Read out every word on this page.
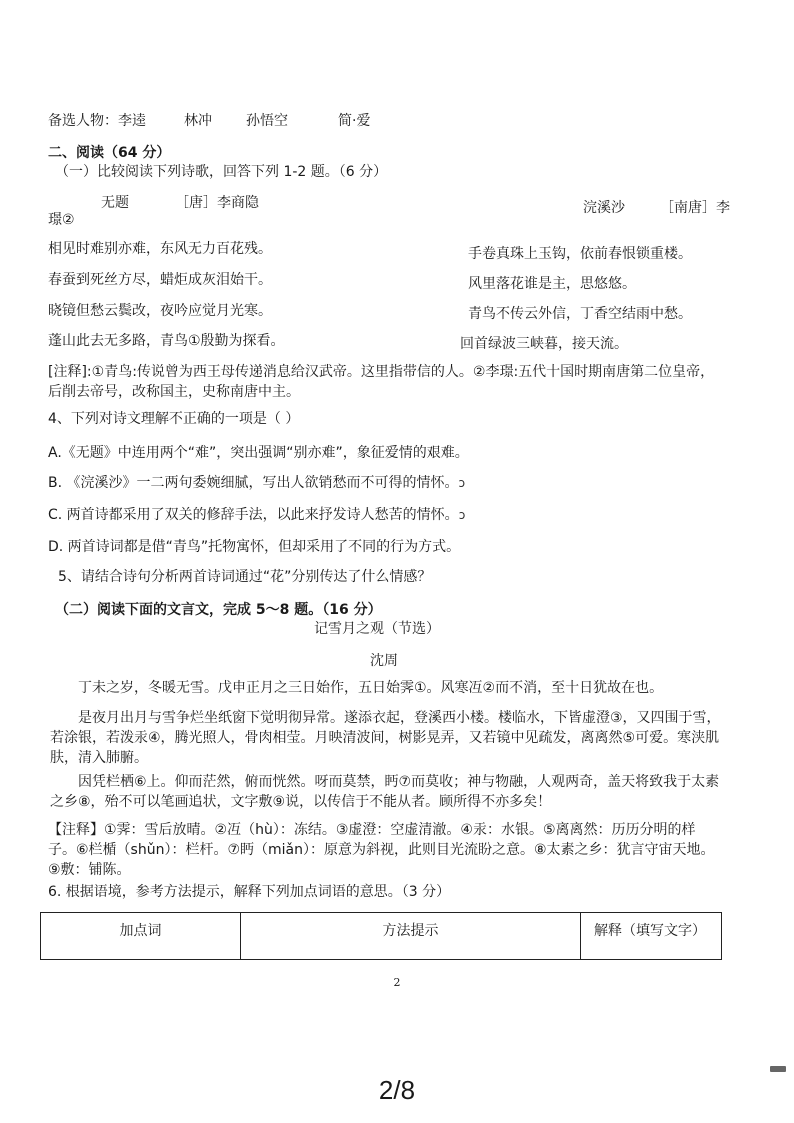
备选人物：李逵	林冲 孙悟空	简·爱
二、阅读（64 分）
（一）比较阅读下列诗歌，回答下列 1-2 题。（6 分）
无题	［唐］李商隐	浣溪沙	［南唐］李
璟②
相见时难别亦难，东风无力百花残。
春蚕到死丝方尽，蜡炬成灰泪始干。
晓镜但愁云鬓改，夜吟应觉月光寒。
蓬山此去无多路，青鸟①殷勤为探看。
手卷真珠上玉钩，依前春恨锁重楼。
风里落花谁是主，思悠悠。
青鸟不传云外信，丁香空结雨中愁。
回首绿波三峡暮，接天流。
[注释]:①青鸟:传说曾为西王母传递消息给汉武帝。这里指带信的人。②李璟:五代十国时期南唐第二位皇帝，后削去帝号，改称国主，史称南唐中主。
4、下列对诗文理解不正确的一项是（ ）
A.《无题》中连用两个“难”，突出强调“别亦难”，象征爱情的艰难。
B. 《浣溪沙》一二两句委婉细腻，写出人欲销愁而不可得的情怀。ↄ
C. 两首诗都采用了双关的修辞手法，以此来抒发诗人愁苦的情怀。ↄ
D. 两首诗词都是借“青鸟”托物寓怀，但却采用了不同的行为方式。
5、请结合诗句分析两首诗词通过“花”分别传达了什么情感？
（二）阅读下面的文言文，完成 5～8 题。（16 分）
记雪月之观（节选）
沈周
丁未之岁，冬暖无雪。戊申正月之三日始作，五日始霁①。风寒冱②而不消，至十日犹故在也。
是夜月出月与雪争烂坐纸窗下觉明彻异常。遂添衣起，登溪西小楼。楼临水，下皆虚澄③，又四围于雪，若涂银，若泼汞④，腾光照人，骨肉相莹。月映清波间，树影晃弄，又若镜中见疏发，离离然⑤可爱。寒浃肌肤，清入肺腑。
因凭栏栖⑥上。仰而茫然，俯而恍然。呀而莫禁，眄⑦而莫收；神与物融，人观两奇，盖天将致我于太素之乡⑧，殆不可以笔画追状，文字敷⑨说，以传信于不能从者。顾所得不亦多矣！
【注释】①霁：雪后放晴。②冱（hù）：冻结。③虚澄：空虚清澈。④汞：水银。⑤离离然：历历分明的样子。⑥栏楯（shǔn）：栏杆。⑦眄（miǎn）：原意为斜视，此则目光流盼之意。⑧太素之乡：犹言守宙天地。⑨敷：铺陈。
6. 根据语境，参考方法提示，解释下列加点词语的意思。（3 分）
加点词	方法提示	解释（填写文字）
2
2/8
